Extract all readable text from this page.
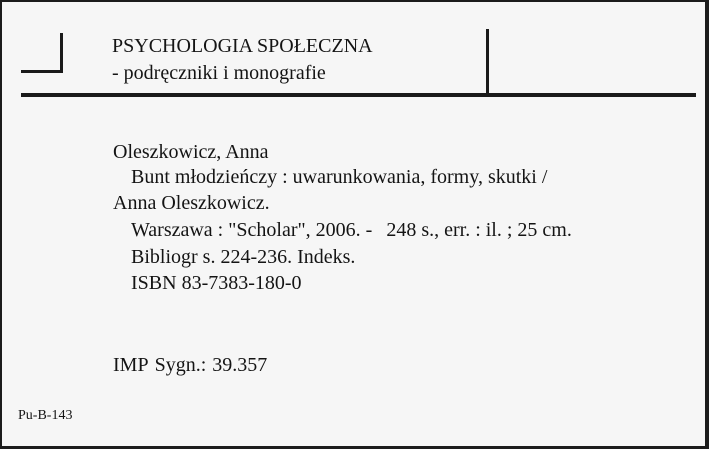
PSYCHOLOGIA SPOŁECZNA
- podręczniki i monografie
Oleszkowicz, Anna
Bunt młodzieńczy : uwarunkowania, formy, skutki /
Anna Oleszkowicz.
Warszawa : "Scholar", 2006. - 248 s., err. : il. ; 25 cm.
Bibliogr s. 224-236. Indeks.
ISBN 83-7383-180-0
IMP Sygn.: 39.357
Pu-B-143
